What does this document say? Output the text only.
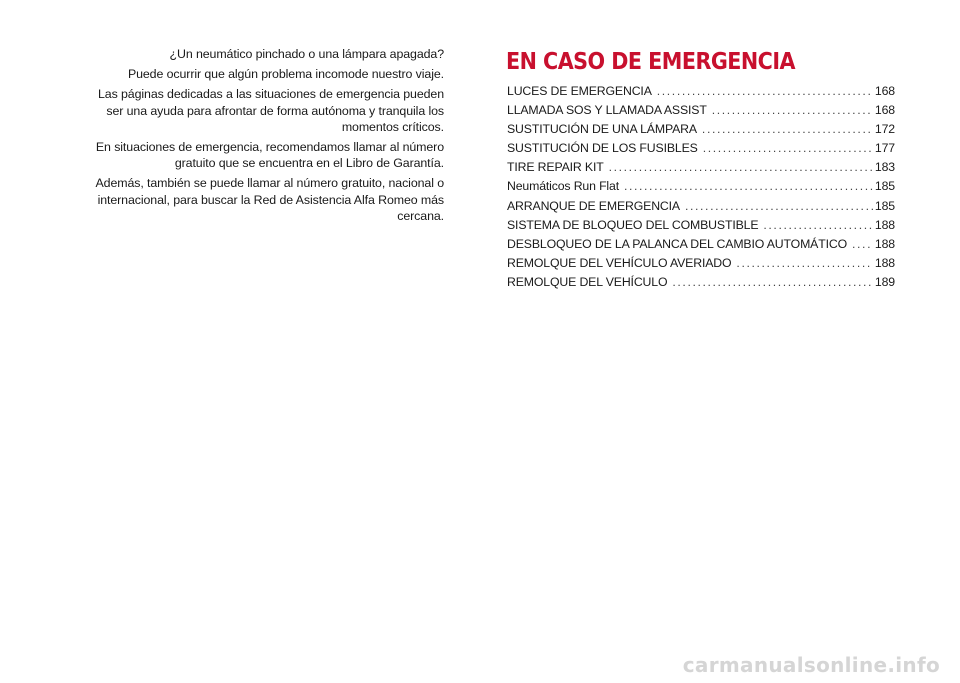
¿Un neumático pinchado o una lámpara apagada?

Puede ocurrir que algún problema incomode nuestro viaje.

Las páginas dedicadas a las situaciones de emergencia pueden ser una ayuda para afrontar de forma autónoma y tranquila los momentos críticos.

En situaciones de emergencia, recomendamos llamar al número gratuito que se encuentra en el Libro de Garantía.

Además, también se puede llamar al número gratuito, nacional o internacional, para buscar la Red de Asistencia Alfa Romeo más cercana.

EN CASO DE EMERGENCIA
LUCES DE EMERGENCIA .....	168
LLAMADA SOS Y LLAMADA ASSIST .....	168
SUSTITUCIÓN DE UNA LÁMPARA .....	172
SUSTITUCIÓN DE LOS FUSIBLES .....	177
TIRE REPAIR KIT .....	183
Neumáticos Run Flat .....	185
ARRANQUE DE EMERGENCIA .....	185
SISTEMA DE BLOQUEO DEL COMBUSTIBLE .....	188
DESBLOQUEO DE LA PALANCA DEL CAMBIO AUTOMÁTICO ..... 188
REMOLQUE DEL VEHÍCULO AVERIADO .....	188
REMOLQUE DEL VEHÍCULO .....	189

carmanualsonline.info
